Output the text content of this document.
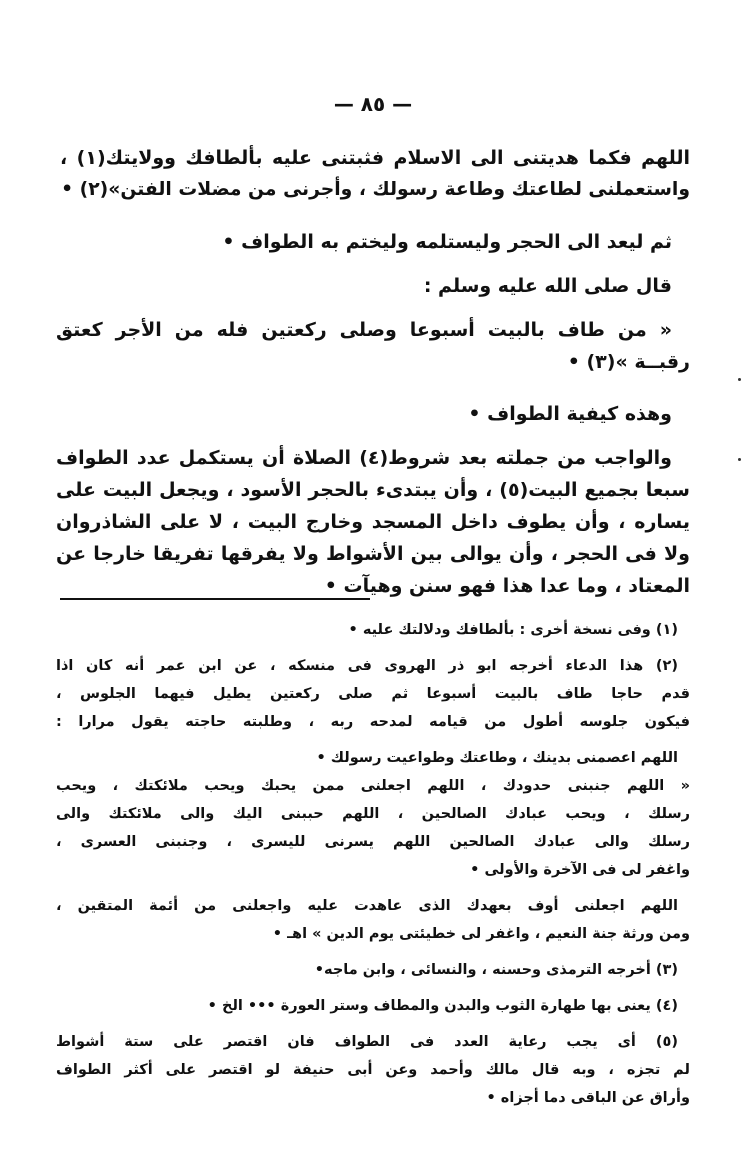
— ٨٥ —
اللهم فكما هديتنى الى الاسلام فثبتنى عليه بألطافك وولايتك(١) ،
واستعملنى لطاعتك وطاعة رسولك ، وأجرنى من مضلات الفتن»(٢) •
ثم ليعد الى الحجر وليستلمه وليختم به الطواف •
قال صلى الله عليه وسلم :
« من طاف بالبيت أسبوعا وصلى ركعتين فله من الأجر كعتق
رقبــة »(٣) •
وهذه كيفية الطواف •
والواجب من جملته بعد شروط(٤) الصلاة أن يستكمل عدد الطواف
سبعا بجميع البيت(٥) ، وأن يبتدىء بالحجر الأسود ، ويجعل البيت على
يساره ، وأن يطوف داخل المسجد وخارج البيت ، لا على الشاذروان
ولا فى الحجر ، وأن يوالى بين الأشواط ولا يفرقها تفريقا خارجا عن
المعتاد ، وما عدا هذا فهو سنن وهيآت •
(١) وفى نسخة أخرى : بألطافك ودلالتك عليه •
(٢) هذا الدعاء أخرجه ابو ذر الهروى فى منسكه ، عن ابن عمر أنه كان اذا
قدم حاجا طاف بالبيت أسبوعا ثم صلى ركعتين يطيل فيهما الجلوس ،
فيكون جلوسه أطول من قيامه لمدحه ربه ، وطلبته حاجته يقول مرارا :
اللهم اعصمنى بدينك ، وطاعتك وطواعيت رسولك •
« اللهم جنبنى حدودك ، اللهم اجعلنى ممن يحبك ويحب ملائكتك ، ويحب
رسلك ، ويحب عبادك الصالحين ، اللهم حببنى اليك والى ملائكتك والى
رسلك والى عبادك الصالحين اللهم يسرنى لليسرى ، وجنبنى العسرى ،
واغفر لى فى الآخرة والأولى •
اللهم اجعلنى أوف بعهدك الذى عاهدت عليه واجعلنى من أئمة المتقين ،
ومن ورثة جنة النعيم ، واغفر لى خطيئتى يوم الدين » اهـ •
(٣) أخرجه الترمذى وحسنه ، والنسائى ، وابن ماجه•
(٤) يعنى بها طهارة الثوب والبدن والمطاف وستر العورة ••• الخ •
(٥) أى يجب رعاية العدد فى الطواف فان اقتصر على ستة أشواط
لم تجزه ، وبه قال مالك وأحمد وعن أبى حنيفة لو اقتصر على أكثر الطواف
وأراق عن الباقى دما أجزاه •
